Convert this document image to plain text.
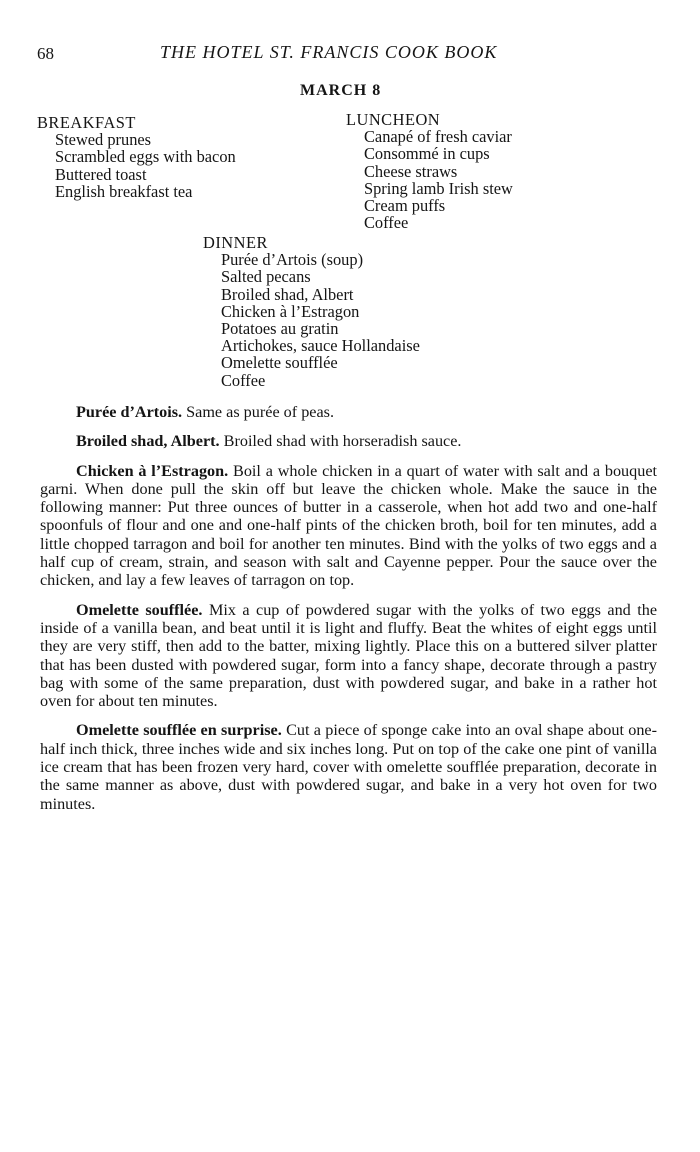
68	THE HOTEL ST. FRANCIS COOK BOOK
MARCH 8
BREAKFAST
Stewed prunes
Scrambled eggs with bacon
Buttered toast
English breakfast tea
LUNCHEON
Canapé of fresh caviar
Consommé in cups
Cheese straws
Spring lamb Irish stew
Cream puffs
Coffee
DINNER
Purée d’Artois (soup)
Salted pecans
Broiled shad, Albert
Chicken à l’Estragon
Potatoes au gratin
Artichokes, sauce Hollandaise
Omelette soufflée
Coffee

Purée d’Artois. Same as purée of peas.

Broiled shad, Albert. Broiled shad with horseradish sauce.

Chicken à l’Estragon. Boil a whole chicken in a quart of water with salt and a bouquet garni. When done pull the skin off but leave the chicken whole. Make the sauce in the following manner: Put three ounces of butter in a casserole, when hot add two and one-half spoonfuls of flour and one and one-half pints of the chicken broth, boil for ten minutes, add a little chopped tarragon and boil for another ten minutes. Bind with the yolks of two eggs and a half cup of cream, strain, and season with salt and Cayenne pepper. Pour the sauce over the chicken, and lay a few leaves of tarragon on top.

Omelette soufflée. Mix a cup of powdered sugar with the yolks of two eggs and the inside of a vanilla bean, and beat until it is light and fluffy. Beat the whites of eight eggs until they are very stiff, then add to the batter, mixing lightly. Place this on a buttered silver platter that has been dusted with powdered sugar, form into a fancy shape, decorate through a pastry bag with some of the same preparation, dust with powdered sugar, and bake in a rather hot oven for about ten minutes.

Omelette soufflée en surprise. Cut a piece of sponge cake into an oval shape about one-half inch thick, three inches wide and six inches long. Put on top of the cake one pint of vanilla ice cream that has been frozen very hard, cover with omelette soufflée preparation, decorate in the same manner as above, dust with powdered sugar, and bake in a very hot oven for two minutes.
